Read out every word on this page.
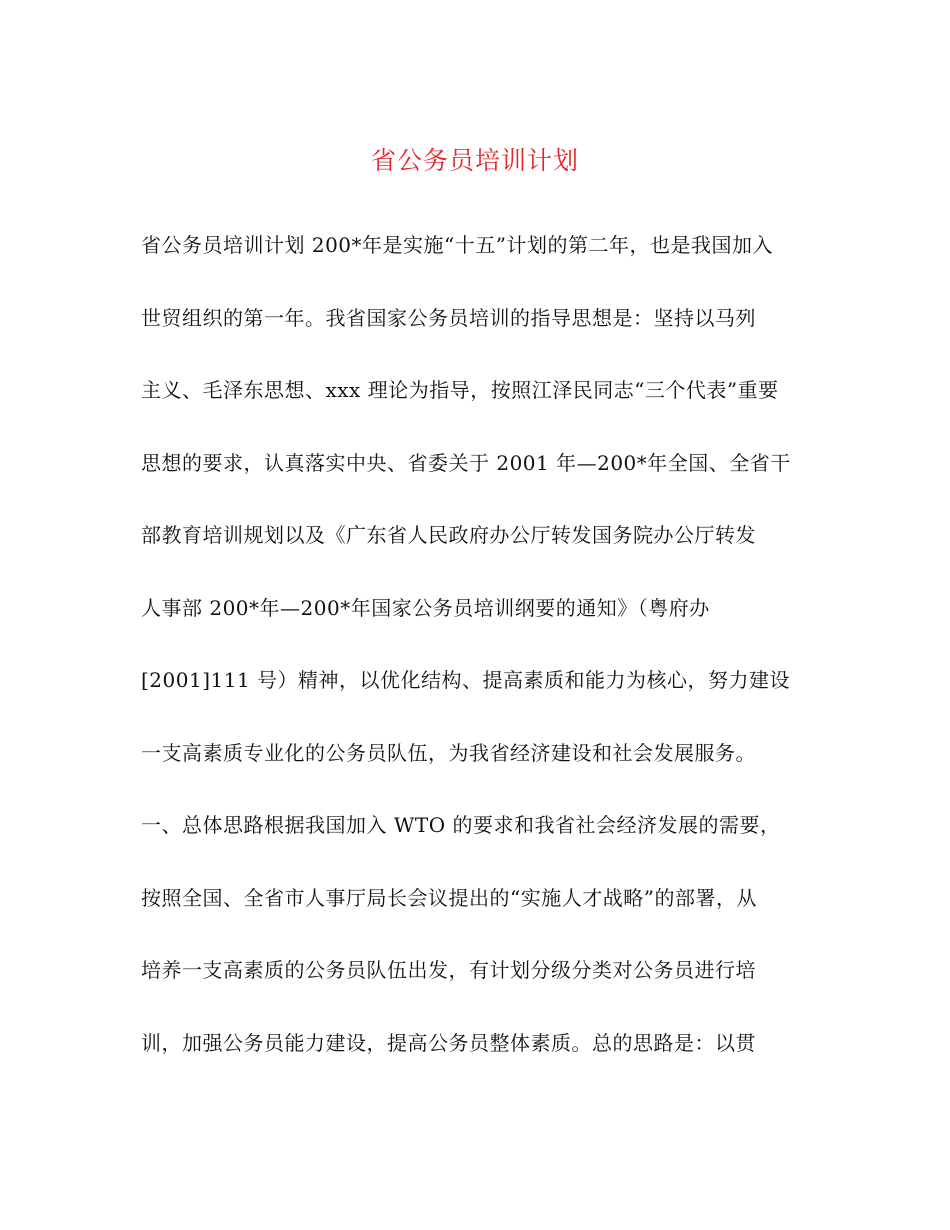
省公务员培训计划
省公务员培训计划 200*年是实施“十五”计划的第二年，也是我国加入
世贸组织的第一年。我省国家公务员培训的指导思想是：坚持以马列
主义、毛泽东思想、xxx 理论为指导，按照江泽民同志“三个代表”重要
思想的要求，认真落实中央、省委关于 2001 年—200*年全国、全省干
部教育培训规划以及《广东省人民政府办公厅转发国务院办公厅转发
人事部 200*年—200*年国家公务员培训纲要的通知》（粤府办
[2001]111 号）精神，以优化结构、提高素质和能力为核心，努力建设
一支高素质专业化的公务员队伍，为我省经济建设和社会发展服务。
一、总体思路根据我国加入 WTO 的要求和我省社会经济发展的需要，
按照全国、全省市人事厅局长会议提出的“实施人才战略”的部署，从
培养一支高素质的公务员队伍出发，有计划分级分类对公务员进行培
训，加强公务员能力建设，提高公务员整体素质。总的思路是：以贯
